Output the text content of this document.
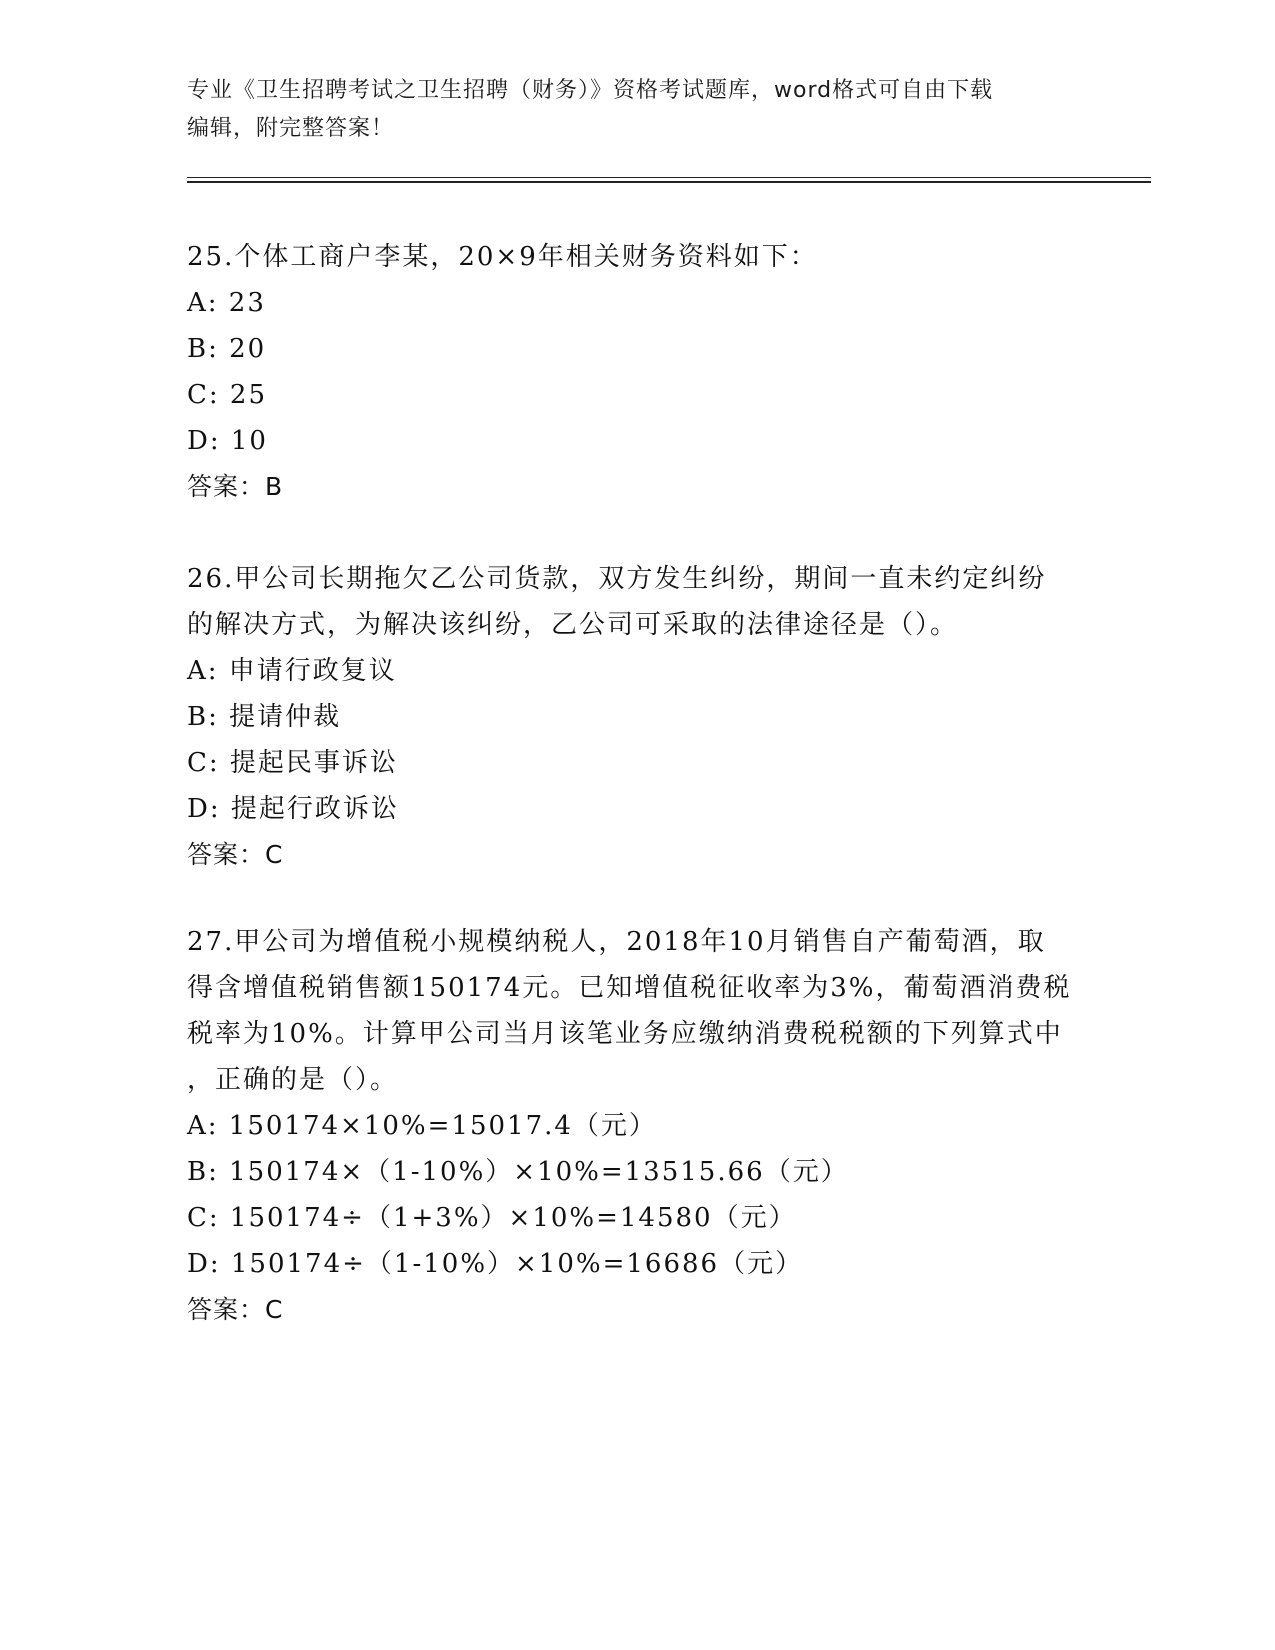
专业《卫生招聘考试之卫生招聘（财务）》资格考试题库，word格式可自由下载
编辑，附完整答案！
25.个体工商户李某，20×9年相关财务资料如下：
A: 23
B: 20
C: 25
D: 10
答案：B
26.甲公司长期拖欠乙公司货款，双方发生纠纷，期间一直未约定纠纷
的解决方式，为解决该纠纷，乙公司可采取的法律途径是（）。
A: 申请行政复议
B: 提请仲裁
C: 提起民事诉讼
D: 提起行政诉讼
答案：C
27.甲公司为增值税小规模纳税人，2018年10月销售自产葡萄酒，取
得含增值税销售额150174元。已知增值税征收率为3%，葡萄酒消费税
税率为10%。计算甲公司当月该笔业务应缴纳消费税税额的下列算式中
，正确的是（）。
A: 150174×10%=15017.4（元）
B: 150174×（1-10%）×10%=13515.66（元）
C: 150174÷（1+3%）×10%=14580（元）
D: 150174÷（1-10%）×10%=16686（元）
答案：C
